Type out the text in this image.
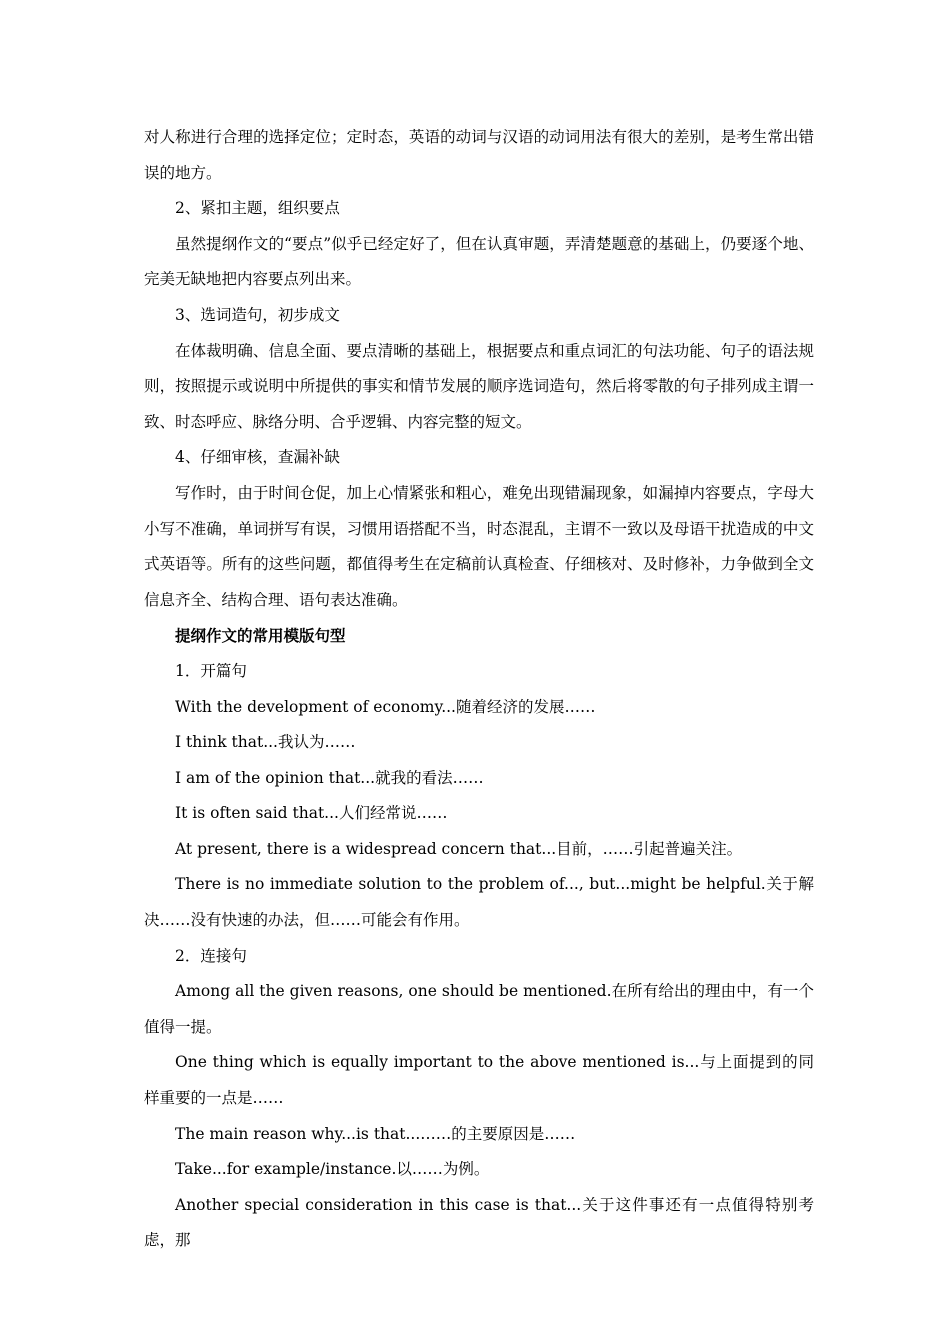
对人称进行合理的选择定位；定时态，英语的动词与汉语的动词用法有很大的差别，是考生常出错误的地方。

2、紧扣主题，组织要点

虽然提纲作文的“要点”似乎已经定好了，但在认真审题，弄清楚题意的基础上，仍要逐个地、完美无缺地把内容要点列出来。

3、选词造句，初步成文

在体裁明确、信息全面、要点清晰的基础上，根据要点和重点词汇的句法功能、句子的语法规则，按照提示或说明中所提供的事实和情节发展的顺序选词造句，然后将零散的句子排列成主谓一致、时态呼应、脉络分明、合乎逻辑、内容完整的短文。

4、仔细审核，查漏补缺

写作时，由于时间仓促，加上心情紧张和粗心，难免出现错漏现象，如漏掉内容要点，字母大小写不准确，单词拼写有误，习惯用语搭配不当，时态混乱，主谓不一致以及母语干扰造成的中文式英语等。所有的这些问题，都值得考生在定稿前认真检查、仔细核对、及时修补，力争做到全文信息齐全、结构合理、语句表达准确。

提纲作文的常用模版句型

1．开篇句

With the development of economy...随着经济的发展……

I think that...我认为……

I am of the opinion that...就我的看法……

It is often said that...人们经常说……

At present, there is a widespread concern that...目前，……引起普遍关注。

There is no immediate solution to the problem of..., but...might be helpful.关于解决……没有快速的办法，但……可能会有作用。

2．连接句

Among all the given reasons, one should be mentioned.在所有给出的理由中，有一个值得一提。

One thing which is equally important to the above mentioned is...与上面提到的同样重要的一点是……

The main reason why...is that...……的主要原因是……

Take...for example/instance.以……为例。

Another special consideration in this case is that...关于这件事还有一点值得特别考虑，那
